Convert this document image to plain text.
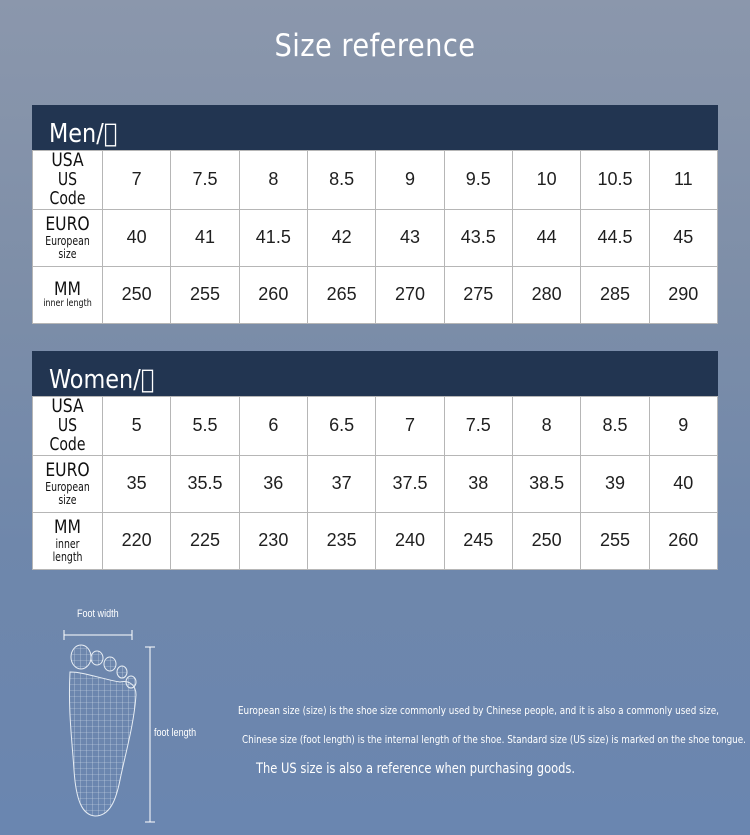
Size reference
Men/ 
USA
US Code	7	7.5	8	8.5	9	9.5	10	10.5	11

EURO
European size	40	41	41.5	42	43	43.5	44	44.5	45

MM
inner length	250	255	260	265	270	275	280	285	290
Women/ 
USA
US Code	5	5.5	6	6.5	7	7.5	8	8.5	9

EURO
European size	35	35.5	36	37	37.5	38	38.5	39	40

MM
inner
length	220	225	230	235	240	245	250	255	260
Foot width
foot length
European size (size) is the shoe size commonly used by Chinese people, and it is also a commonly used size,
Chinese size (foot length) is the internal length of the shoe. Standard size (US size) is marked on the shoe tongue.
The US size is also a reference when purchasing goods.
